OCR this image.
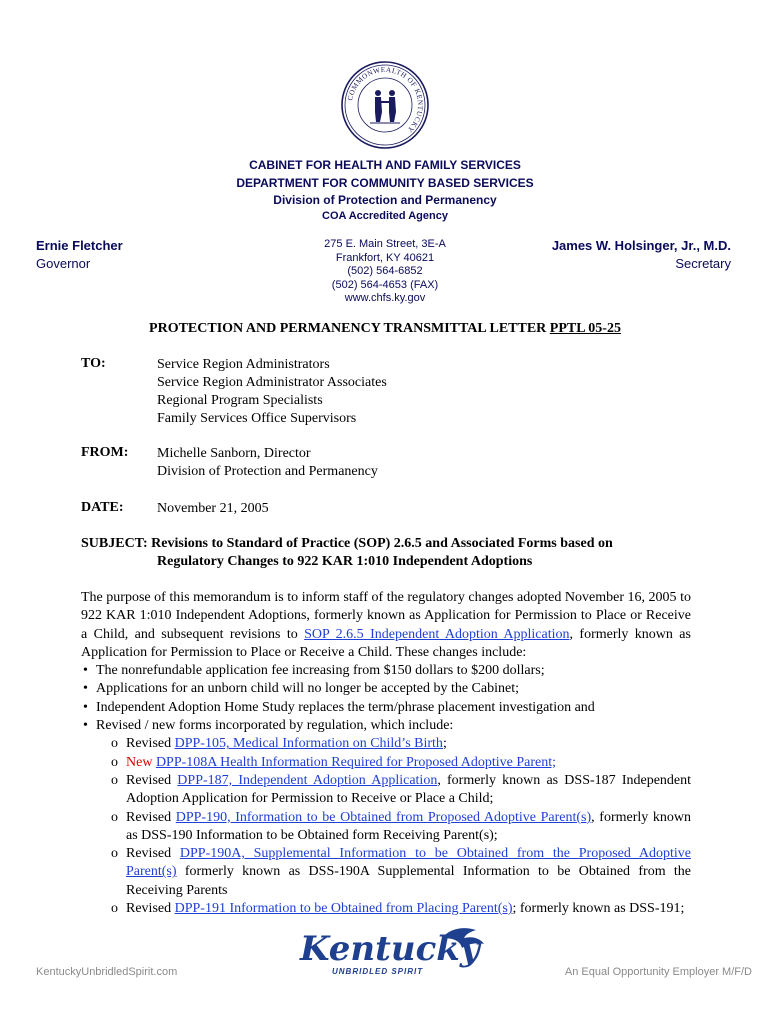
COMMONWEALTH OF KENTUCKY
CABINET FOR HEALTH AND FAMILY SERVICES
DEPARTMENT FOR COMMUNITY BASED SERVICES
Division of Protection and Permanency
COA Accredited Agency
Ernie Fletcher
Governor
275 E. Main Street, 3E-A
Frankfort, KY 40621
(502) 564-6852
(502) 564-4653 (FAX)
www.chfs.ky.gov
James W. Holsinger, Jr., M.D.
Secretary
PROTECTION AND PERMANENCY TRANSMITTAL LETTER PPTL 05-25
TO:	Service Region Administrators
Service Region Administrator Associates
Regional Program Specialists
Family Services Office Supervisors
FROM: Michelle Sanborn, Director
Division of Protection and Permanency
DATE: November 21, 2005
SUBJECT: Revisions to Standard of Practice (SOP) 2.6.5 and Associated Forms based on
Regulatory Changes to 922 KAR 1:010 Independent Adoptions

The purpose of this memorandum is to inform staff of the regulatory changes adopted November 16, 2005 to 922 KAR 1:010 Independent Adoptions, formerly known as Application for Permission to Place or Receive a Child, and subsequent revisions to SOP 2.6.5 Independent Adoption Application, formerly known as Application for Permission to Place or Receive a Child. These changes include:

• The nonrefundable application fee increasing from $150 dollars to $200 dollars;
• Applications for an unborn child will no longer be accepted by the Cabinet;
• Independent Adoption Home Study replaces the term/phrase placement investigation and
• Revised / new forms incorporated by regulation, which include:
o Revised DPP-105, Medical Information on Child’s Birth;
o New DPP-108A Health Information Required for Proposed Adoptive Parent;
o Revised DPP-187, Independent Adoption Application, formerly known as DSS-187 Independent Adoption Application for Permission to Receive or Place a Child;
o Revised DPP-190, Information to be Obtained from Proposed Adoptive Parent(s), formerly known as DSS-190 Information to be Obtained form Receiving Parent(s);
o Revised DPP-190A, Supplemental Information to be Obtained from the Proposed Adoptive Parent(s) formerly known as DSS-190A Supplemental Information to be Obtained from the Receiving Parents
o Revised DPP-191 Information to be Obtained from Placing Parent(s); formerly known as DSS-191;
KentuckyUnbridledSpirit.com
Kentucky
UNBRIDLED SPIRIT	An Equal Opportunity Employer M/F/D
